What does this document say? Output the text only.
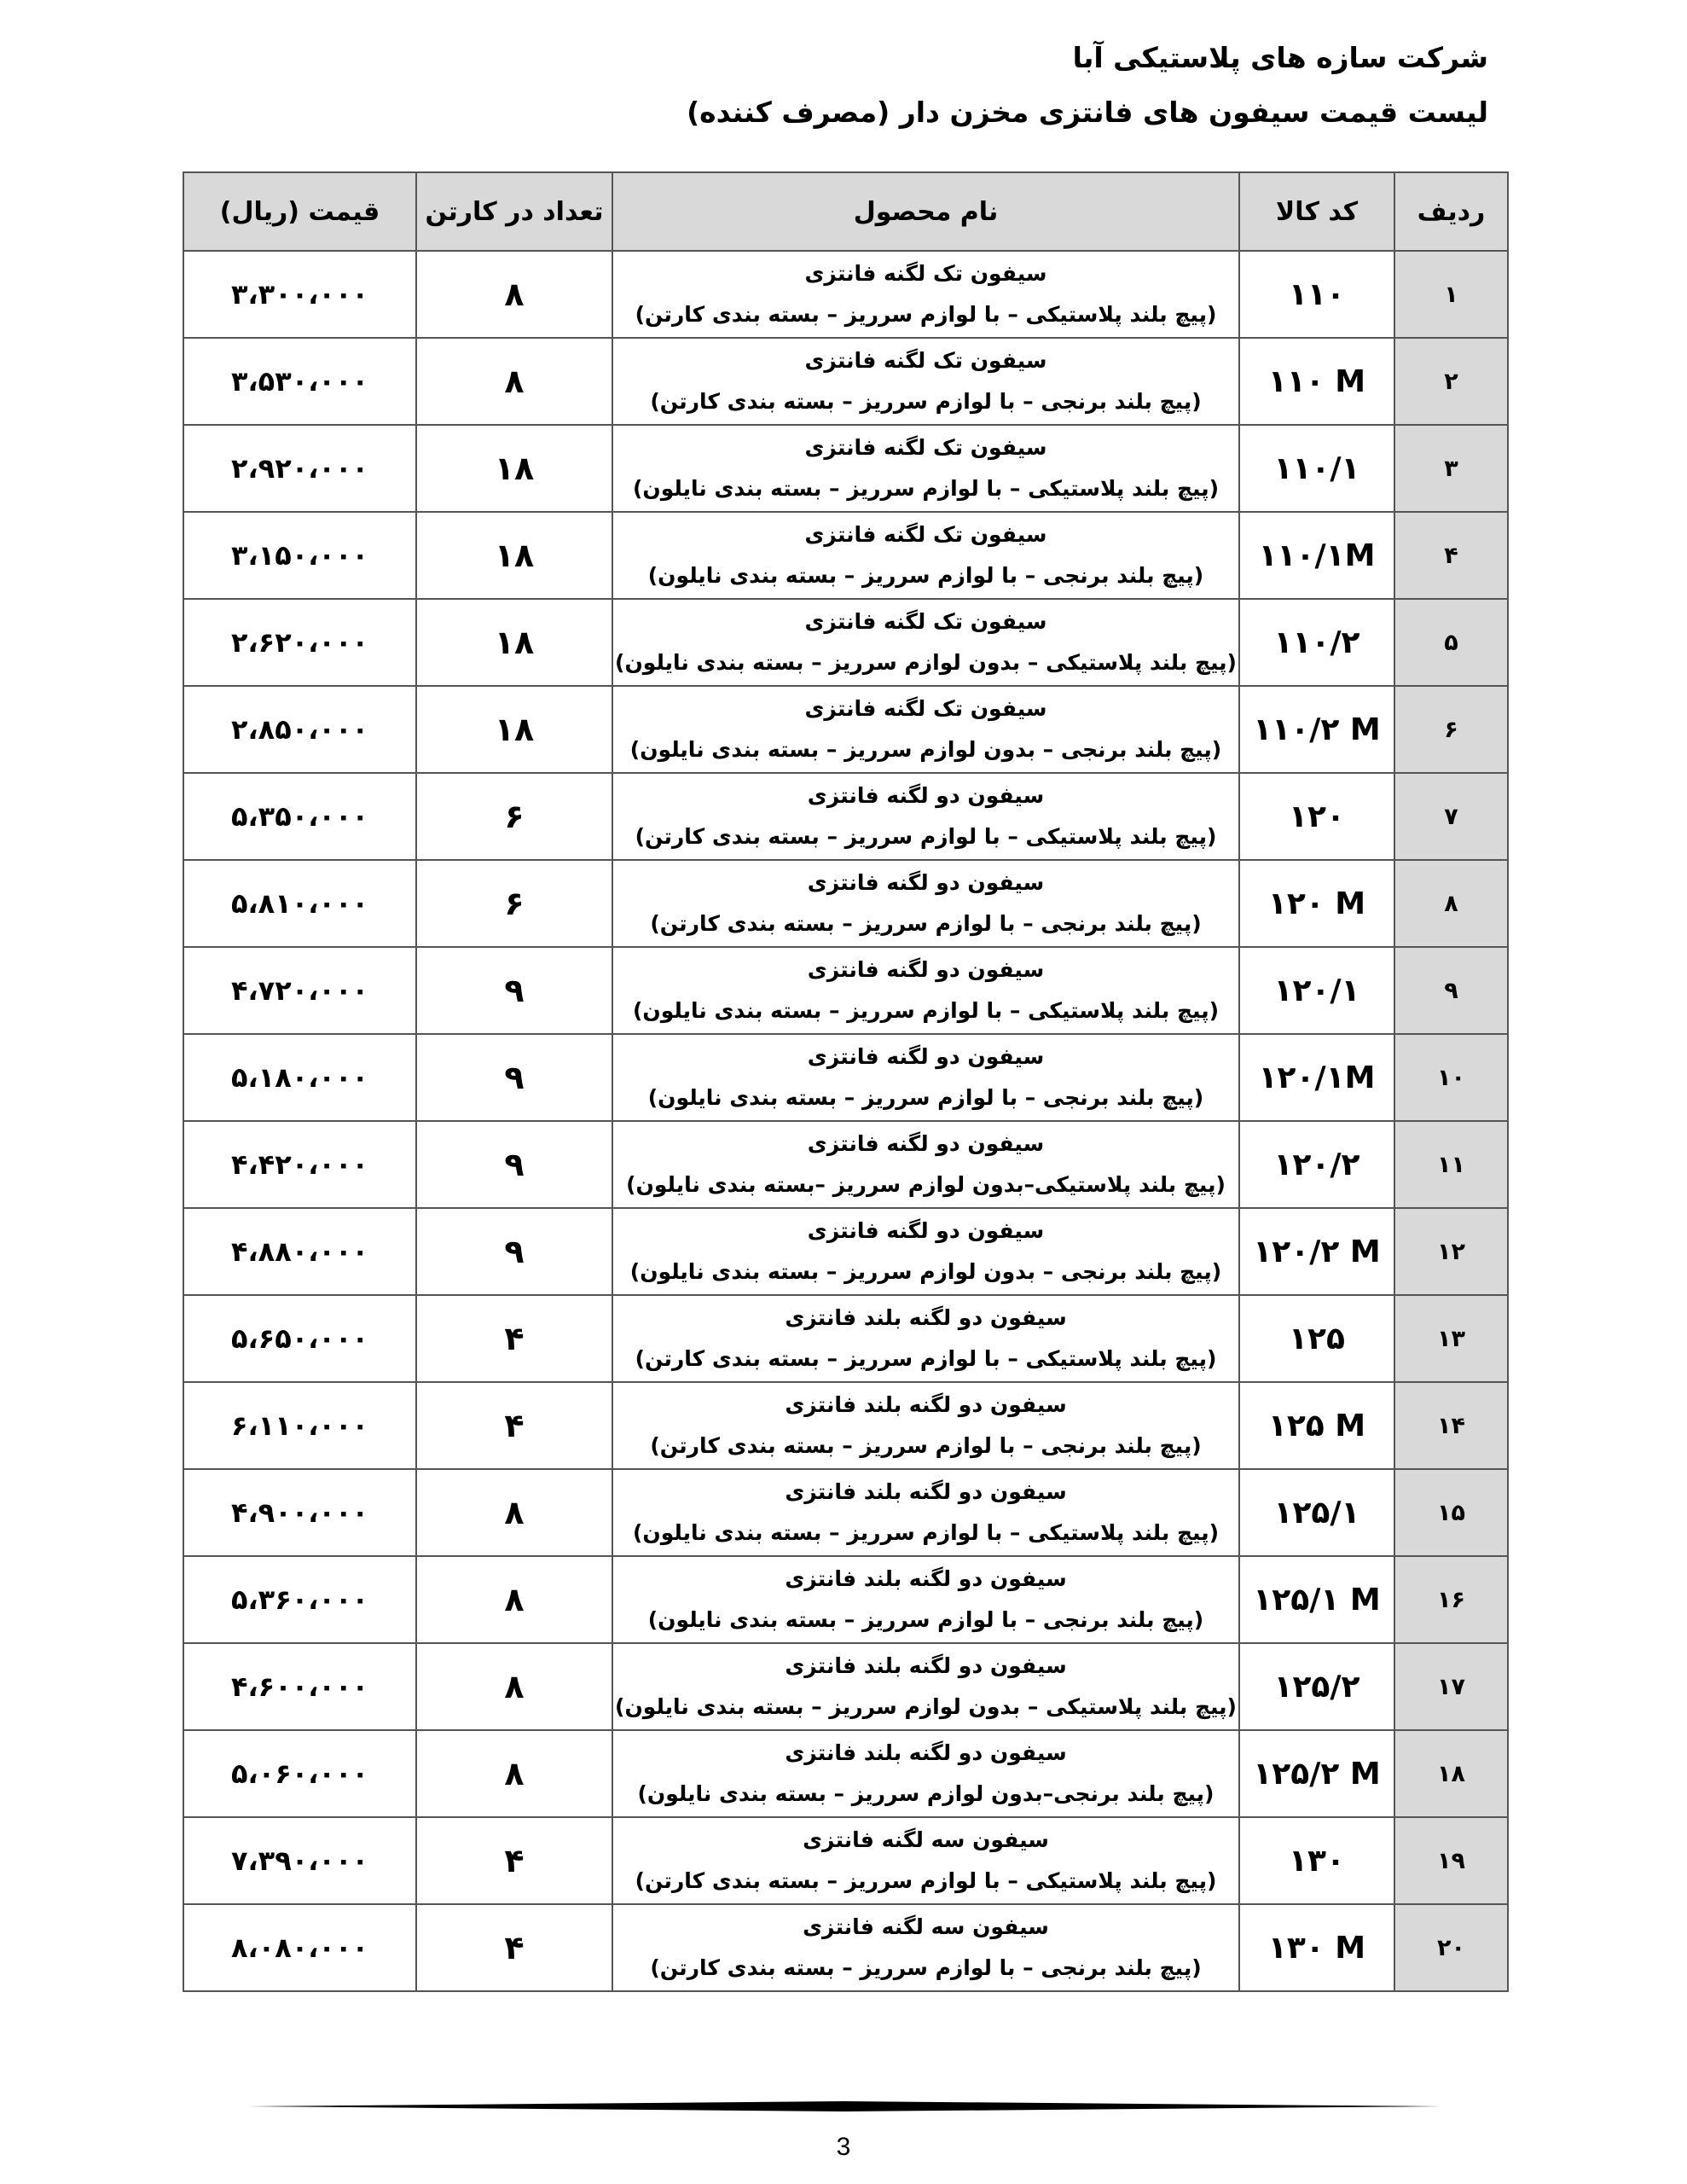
شرکت سازه های پلاستیکی آبا
لیست قیمت سیفون های فانتزی مخزن دار (مصرف کننده)
ردیف	کد کالا	نام محصول	تعداد در کارتن	قیمت (ریال)
۱	۱۱۰	سیفون تک لگنه فانتزی
(پیچ بلند پلاستیکی – با لوازم سرریز – بسته بندی کارتن)	۸	۳،۳۰۰،۰۰۰
۲	۱۱۰ M	سیفون تک لگنه فانتزی
(پیچ بلند برنجی – با لوازم سرریز – بسته بندی کارتن)	۸	۳،۵۳۰،۰۰۰
۳	۱۱۰/۱	سیفون تک لگنه فانتزی
(پیچ بلند پلاستیکی – با لوازم سرریز – بسته بندی نایلون)	۱۸	۲،۹۲۰،۰۰۰
۴	۱۱۰/۱M	سیفون تک لگنه فانتزی
(پیچ بلند برنجی – با لوازم سرریز – بسته بندی نایلون)	۱۸	۳،۱۵۰،۰۰۰
۵	۱۱۰/۲	سیفون تک لگنه فانتزی
(پیچ بلند پلاستیکی – بدون لوازم سرریز – بسته بندی نایلون)	۱۸	۲،۶۲۰،۰۰۰
۶	۱۱۰/۲ M	سیفون تک لگنه فانتزی
(پیچ بلند برنجی – بدون لوازم سرریز – بسته بندی نایلون)	۱۸	۲،۸۵۰،۰۰۰
۷	۱۲۰	سیفون دو لگنه فانتزی
(پیچ بلند پلاستیکی – با لوازم سرریز – بسته بندی کارتن)	۶	۵،۳۵۰،۰۰۰
۸	۱۲۰ M	سیفون دو لگنه فانتزی
(پیچ بلند برنجی – با لوازم سرریز – بسته بندی کارتن)	۶	۵،۸۱۰،۰۰۰
۹	۱۲۰/۱	سیفون دو لگنه فانتزی
(پیچ بلند پلاستیکی – با لوازم سرریز – بسته بندی نایلون)	۹	۴،۷۲۰،۰۰۰
۱۰	۱۲۰/۱M	سیفون دو لگنه فانتزی
(پیچ بلند برنجی – با لوازم سرریز – بسته بندی نایلون)	۹	۵،۱۸۰،۰۰۰
۱۱	۱۲۰/۲	سیفون دو لگنه فانتزی
(پیچ بلند پلاستیکی–بدون لوازم سرریز –بسته بندی نایلون)	۹	۴،۴۲۰،۰۰۰
۱۲	۱۲۰/۲ M	سیفون دو لگنه فانتزی
(پیچ بلند برنجی – بدون لوازم سرریز – بسته بندی نایلون)	۹	۴،۸۸۰،۰۰۰
۱۳	۱۲۵	سیفون دو لگنه بلند فانتزی
(پیچ بلند پلاستیکی – با لوازم سرریز – بسته بندی کارتن)	۴	۵،۶۵۰،۰۰۰
۱۴	۱۲۵ M	سیفون دو لگنه بلند فانتزی
(پیچ بلند برنجی – با لوازم سرریز – بسته بندی کارتن)	۴	۶،۱۱۰،۰۰۰
۱۵	۱۲۵/۱	سیفون دو لگنه بلند فانتزی
(پیچ بلند پلاستیکی – با لوازم سرریز – بسته بندی نایلون)	۸	۴،۹۰۰،۰۰۰
۱۶	۱۲۵/۱ M	سیفون دو لگنه بلند فانتزی
(پیچ بلند برنجی – با لوازم سرریز – بسته بندی نایلون)	۸	۵،۳۶۰،۰۰۰
۱۷	۱۲۵/۲	سیفون دو لگنه بلند فانتزی
(پیچ بلند پلاستیکی – بدون لوازم سرریز – بسته بندی نایلون)	۸	۴،۶۰۰،۰۰۰
۱۸	۱۲۵/۲ M	سیفون دو لگنه بلند فانتزی
(پیچ بلند برنجی–بدون لوازم سرریز – بسته بندی نایلون)	۸	۵،۰۶۰،۰۰۰
۱۹	۱۳۰	سیفون سه لگنه فانتزی
(پیچ بلند پلاستیکی – با لوازم سرریز – بسته بندی کارتن)	۴	۷،۳۹۰،۰۰۰
۲۰	۱۳۰ M	سیفون سه لگنه فانتزی
(پیچ بلند برنجی – با لوازم سرریز – بسته بندی کارتن)	۴	۸،۰۸۰،۰۰۰
3
